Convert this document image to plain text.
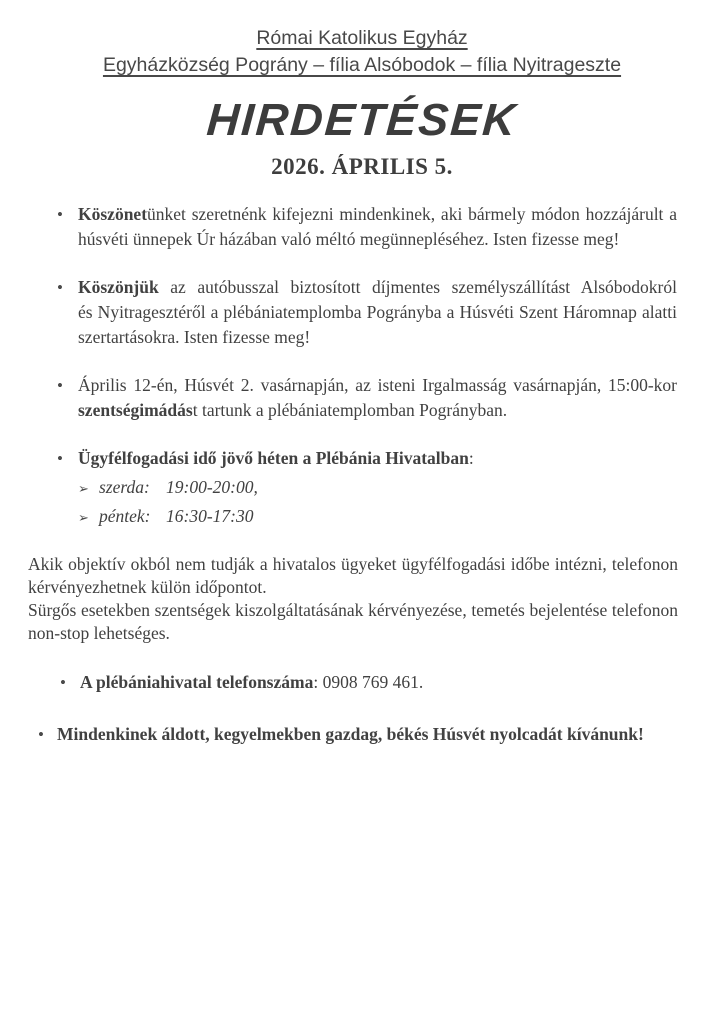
Római Katolikus Egyház
Egyházközség Pográny – fília Alsóbodok – fília Nyitrageszte
HIRDETÉSEK
2026. ÁPRILIS 5.
• Köszönetünket szeretnénk kifejezni mindenkinek, aki bármely módon hozzájárult a
húsvéti ünnepek Úr házában való méltó megünnepléséhez. Isten fizesse meg!
• Köszönjük az autóbusszal biztosított díjmentes személyszállítást Alsóbodokról
és Nyitragesztéről a plébániatemplomba Pogrányba a Húsvéti Szent Háromnap alatti
szertartásokra. Isten fizesse meg!
• Április 12-én, Húsvét 2. vasárnapján, az isteni Irgalmasság vasárnapján, 15:00-kor
szentségimádást tartunk a plébániatemplomban Pogrányban.
• Ügyfélfogadási idő jövő héten a Plébánia Hivatalban:
➢ szerda: 19:00-20:00,
➢ péntek: 16:30-17:30
Akik objektív okból nem tudják a hivatalos ügyeket ügyfélfogadási időbe intézni, telefonon
kérvényezhetnek külön időpontot.
Sürgős esetekben szentségek kiszolgáltatásának kérvényezése, temetés bejelentése telefonon
non-stop lehetséges.
• A plébániahivatal telefonszáma: 0908 769 461.
• Mindenkinek áldott, kegyelmekben gazdag, békés Húsvét nyolcadát kívánunk!
